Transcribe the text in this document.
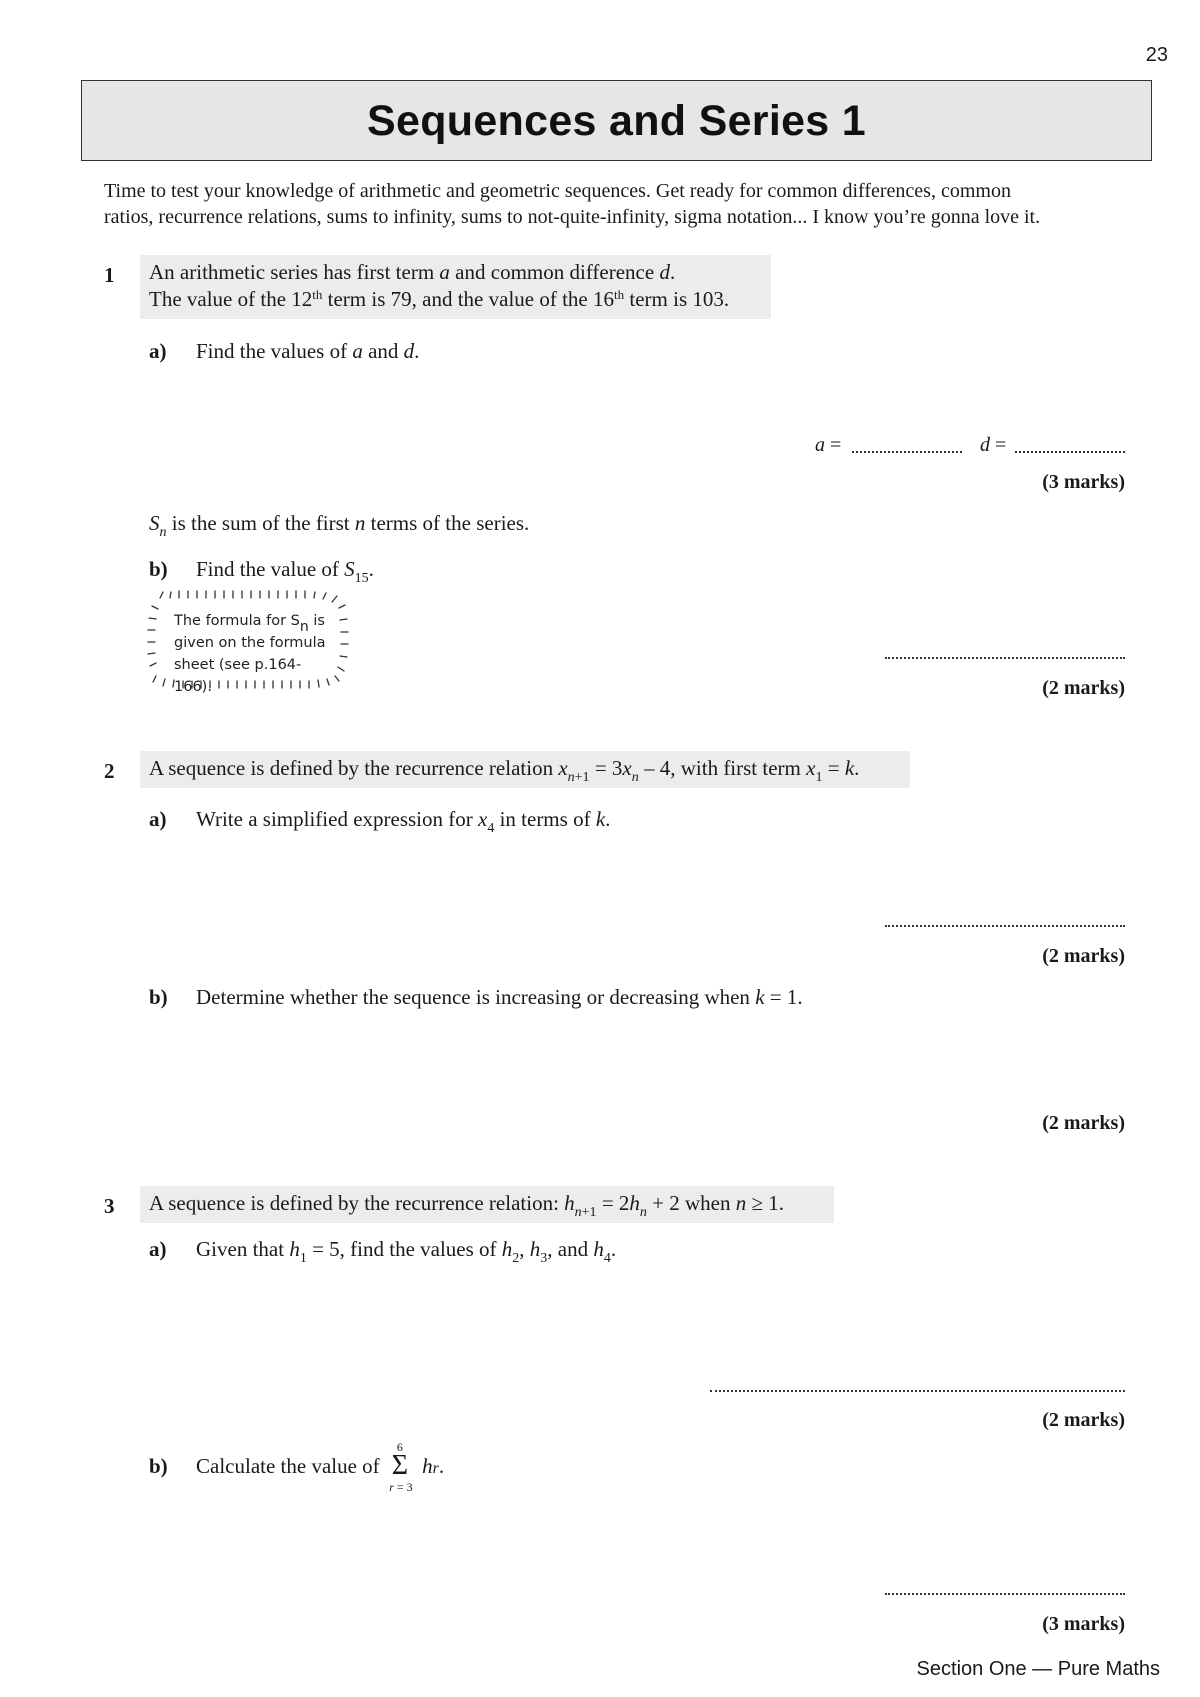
23
Sequences and Series 1
Time to test your knowledge of arithmetic and geometric sequences. Get ready for common differences, common
ratios, recurrence relations, sums to infinity, sums to not-quite-infinity, sigma notation... I know you’re gonna love it.
1 An arithmetic series has first term a and common difference d.
The value of the 12th term is 79, and the value of the 16th term is 103.
a) Find the values of a and d.
a =	d =
(3 marks)
$S_n$ is the sum of the first n terms of the series.
b) Find the value of $S_{15}$.
The formula for $S_n$ is
given on the formula
sheet (see p.164-166).	(2 marks)
2	A sequence is defined by the recurrence relation $x_{n+1} = 3x_n - 4$, with first term $x_1 = k$.
a) Write a simplified expression for $x_4$ in terms of k.
(2 marks)
b) Determine whether the sequence is increasing or decreasing when k = 1.
(2 marks)
3	A sequence is defined by the recurrence relation: $h_{n+1} = 2h_n + 2$ when n ≥ 1.
a) Given that $h_1 = 5$, find the values of $h_2$, $h_3$, and $h_4$.
(2 marks)
b) Calculate the value of
6
Σ
r = 3
hr.
(3 marks)
Section One — Pure Maths
